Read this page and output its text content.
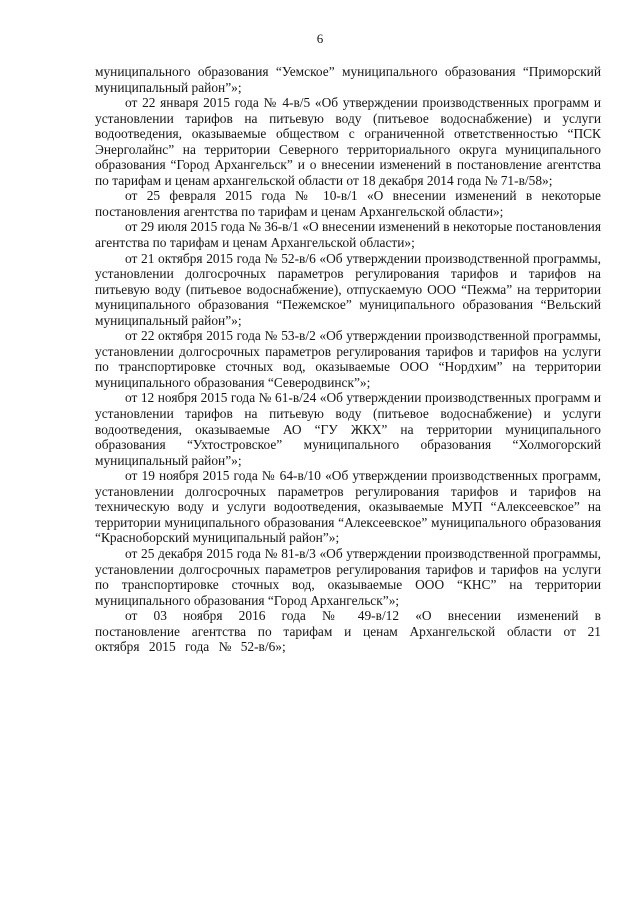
6

муниципального образования “Уемское” муниципального образования “Приморский муниципальный район”»;

от 22 января 2015 года № 4-в/5 «Об утверждении производственных программ и установлении тарифов на питьевую воду (питьевое водоснабжение) и услуги водоотведения, оказываемые обществом с ограниченной ответственностью “ПСК Энерголайнс” на территории Северного территориального округа муниципального образования “Город Архангельск” и о внесении изменений в постановление агентства по тарифам и ценам архангельской области от 18 декабря 2014 года № 71-в/58»;

от 25 февраля 2015 года № 10-в/1 «О внесении изменений в некоторые постановления агентства по тарифам и ценам Архангельской области»;

от 29 июля 2015 года № 36-в/1 «О внесении изменений в некоторые постановления агентства по тарифам и ценам Архангельской области»;

от 21 октября 2015 года № 52-в/6 «Об утверждении производственной программы, установлении долгосрочных параметров регулирования тарифов и тарифов на питьевую воду (питьевое водоснабжение), отпускаемую ООО “Пежма” на территории муниципального образования “Пежемское” муниципального образования “Вельский муниципальный район”»;

от 22 октября 2015 года № 53-в/2 «Об утверждении производственной программы, установлении долгосрочных параметров регулирования тарифов и тарифов на услуги по транспортировке сточных вод, оказываемые ООО “Нордхим” на территории муниципального образования “Северодвинск”»;

от 12 ноября 2015 года № 61-в/24 «Об утверждении производственных программ и установлении тарифов на питьевую воду (питьевое водоснабжение) и услуги водоотведения, оказываемые АО “ГУ ЖКХ” на территории муниципального образования “Ухтостровское” муниципального образования “Холмогорский муниципальный район”»;

от 19 ноября 2015 года № 64-в/10 «Об утверждении производственных программ, установлении долгосрочных параметров регулирования тарифов и тарифов на техническую воду и услуги водоотведения, оказываемые МУП “Алексеевское” на территории муниципального образования “Алексеевское” муниципального образования “Красноборский муниципальный район”»;

от 25 декабря 2015 года № 81-в/3 «Об утверждении производственной программы, установлении долгосрочных параметров регулирования тарифов и тарифов на услуги по транспортировке сточных вод, оказываемые ООО “КНС” на территории муниципального образования “Город Архангельск”»;

от 03 ноября 2016 года № 49-в/12 «О внесении изменений в постановление агентства по тарифам и ценам Архангельской области от 21 октября 2015 года № 52-в/6»;
